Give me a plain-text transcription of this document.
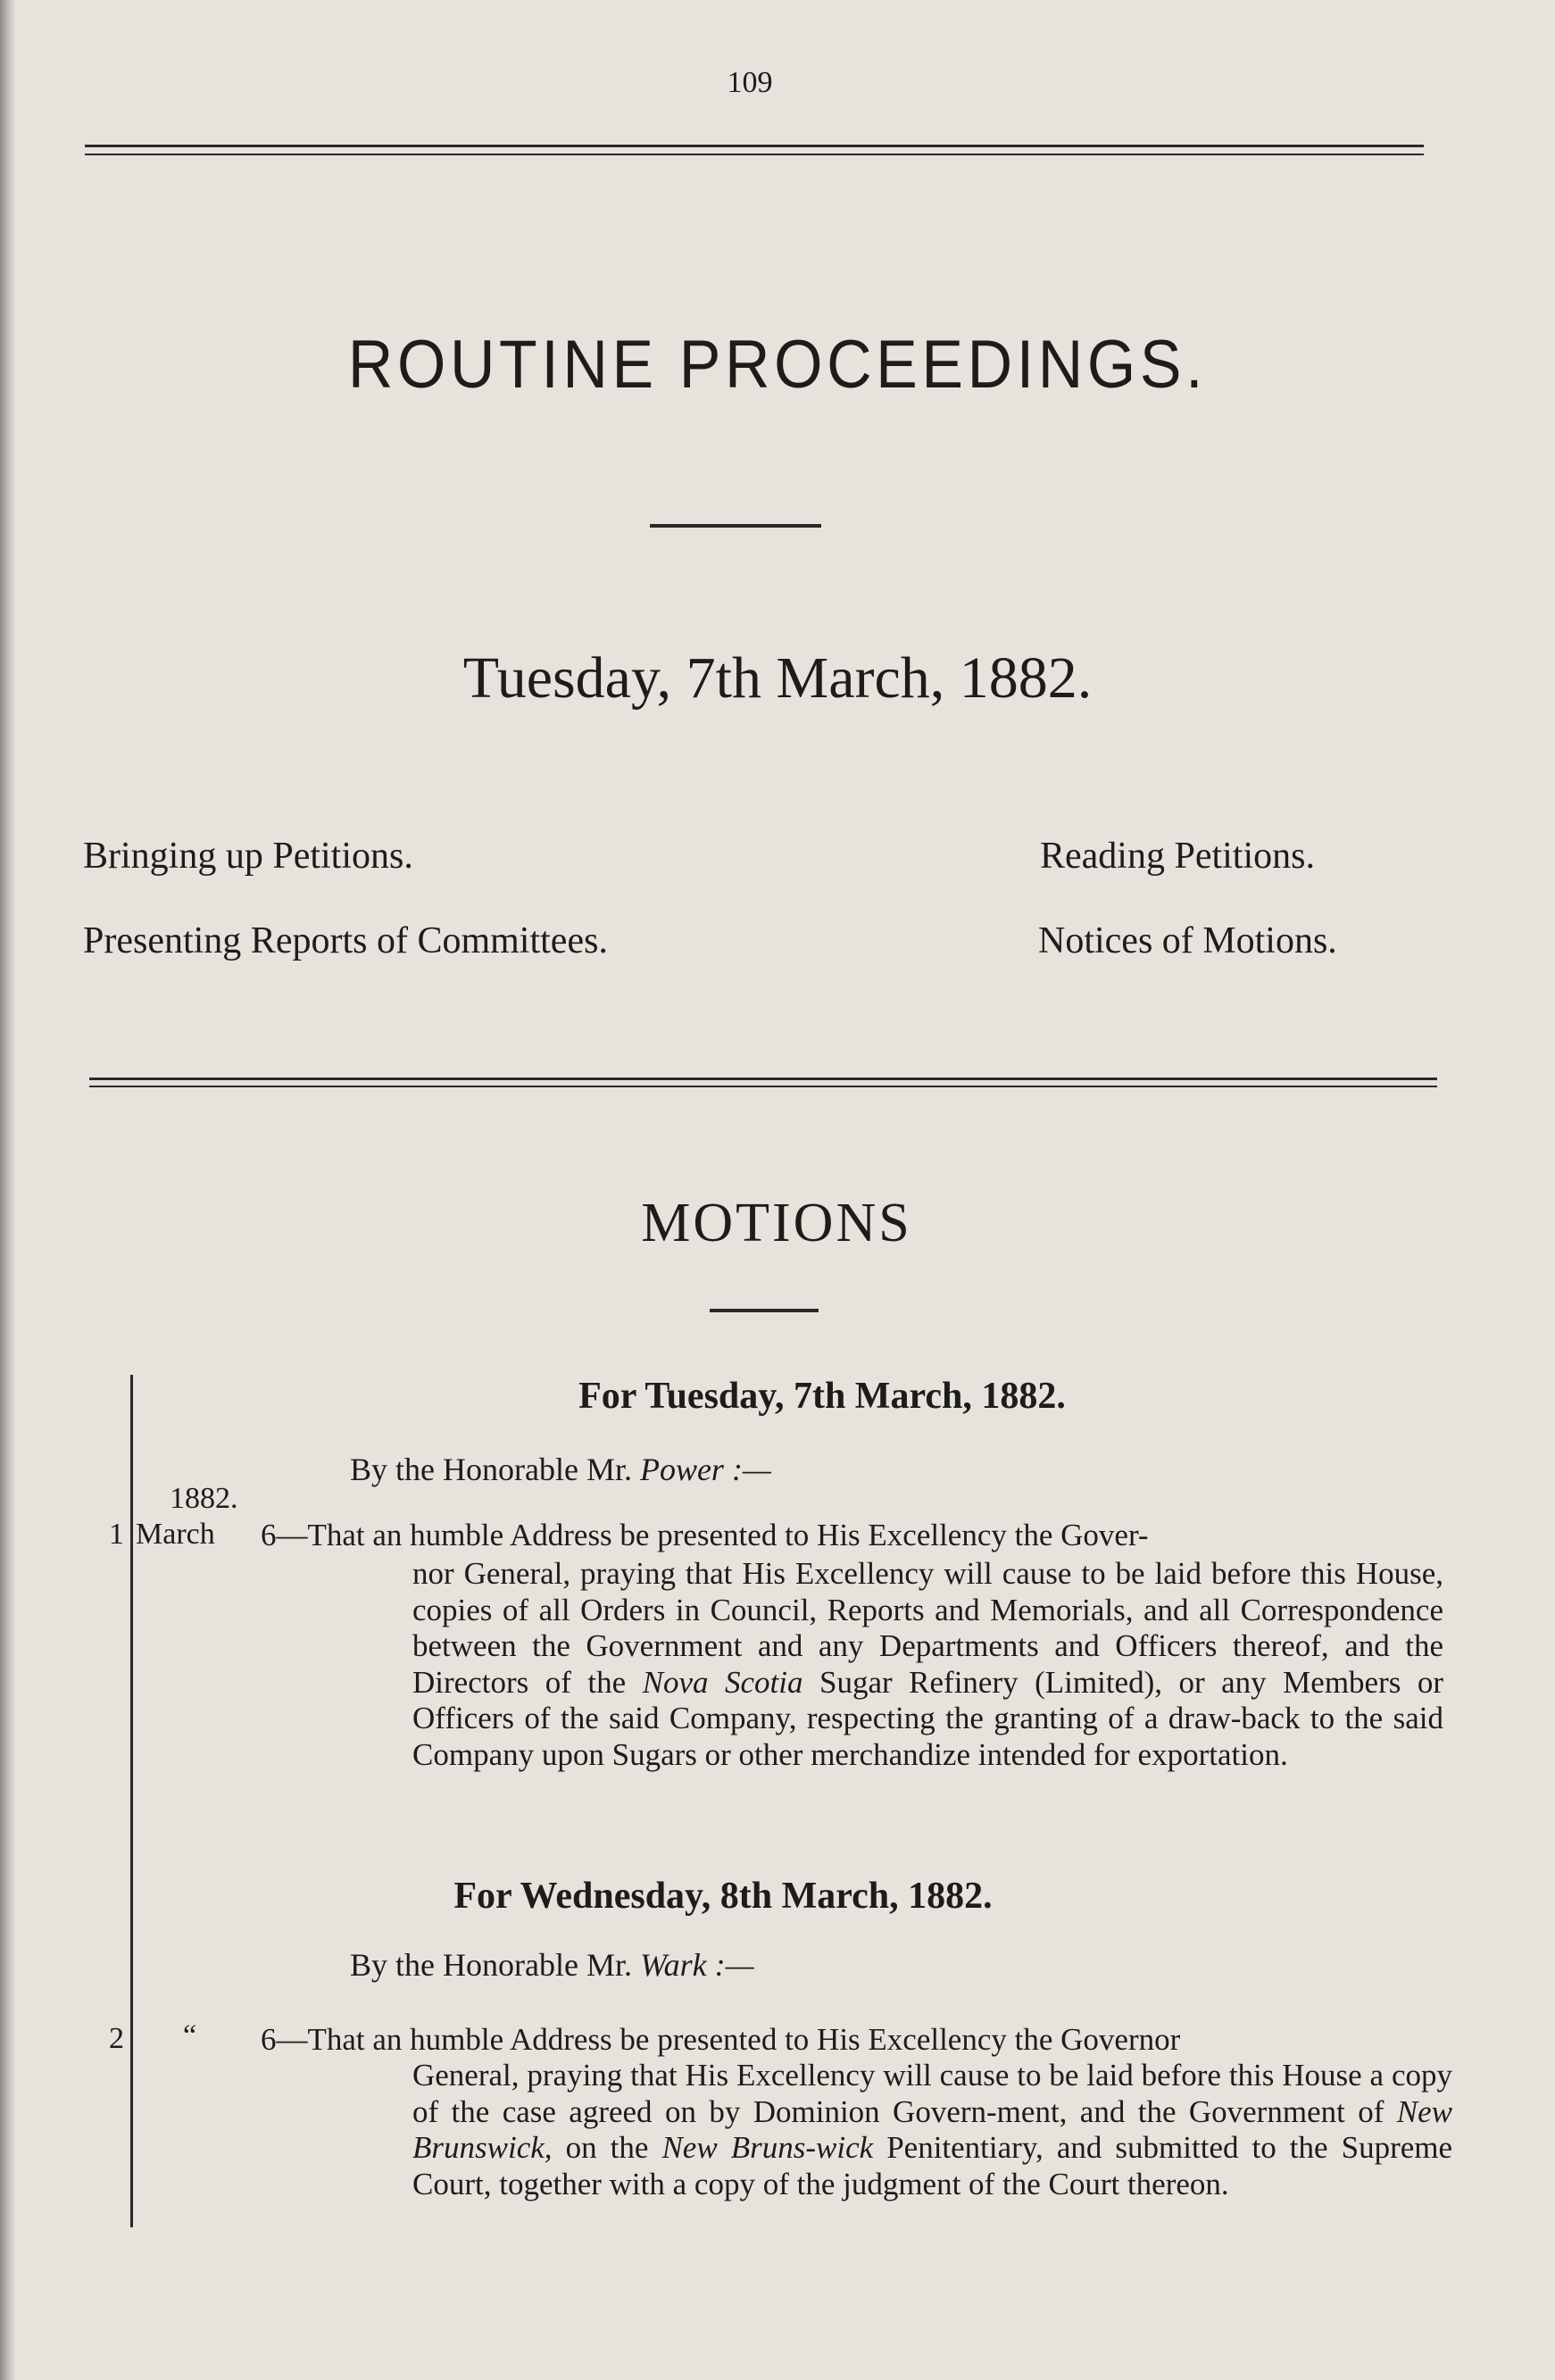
109
ROUTINE PROCEEDINGS.
Tuesday, 7th March, 1882.
Bringing up Petitions.	Reading Petitions.
Presenting Reports of Committees.	Notices of Motions.
MOTIONS
For Tuesday, 7th March, 1882.
By the Honorable Mr. Power :—
1882.
1 March 6—That an humble Address be presented to His Excellency the Gover-
nor General, praying that His Excellency will cause to be laid before this House, copies of all Orders in Council, Reports and Memorials, and all Correspondence between the Government and any Departments and Officers thereof, and the Directors of the Nova Scotia Sugar Refinery (Limited), or any Members or Officers of the said Company, respecting the granting of a draw-back to the said Company upon Sugars or other merchandize intended for exportation.
For Wednesday, 8th March, 1882.
By the Honorable Mr. Wark :—
2 “ 6—That an humble Address be presented to His Excellency the Governor
General, praying that His Excellency will cause to be laid before this House a copy of the case agreed on by Dominion Govern-ment, and the Government of New Brunswick, on the New Bruns-wick Penitentiary, and submitted to the Supreme Court, together with a copy of the judgment of the Court thereon.
